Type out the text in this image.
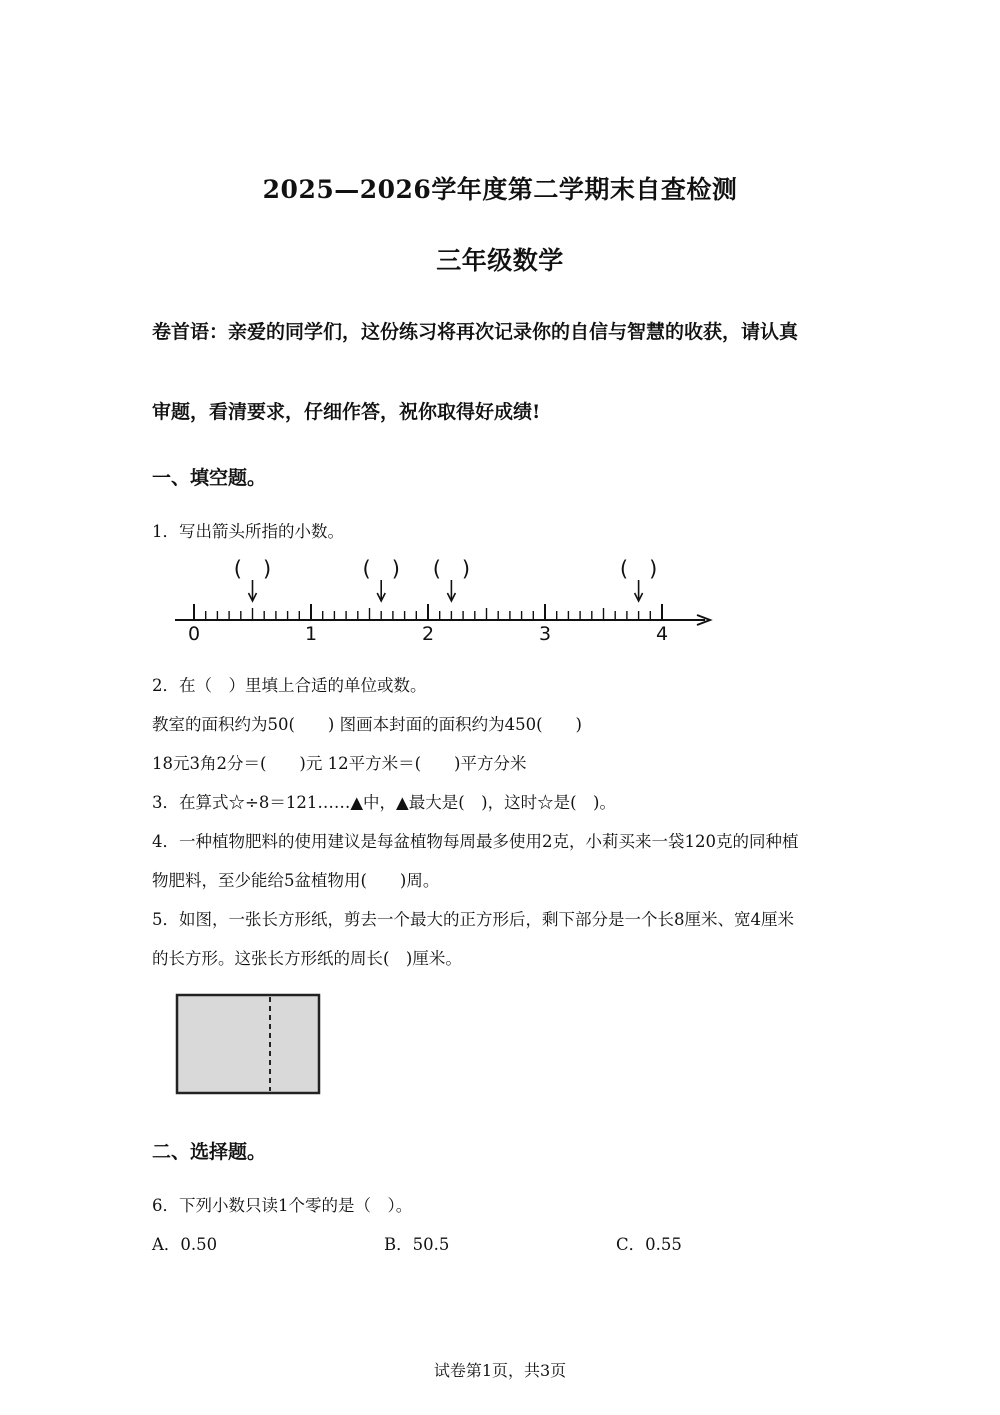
2025—2026学年度第二学期末自查检测
三年级数学
卷首语：亲爱的同学们，这份练习将再次记录你的自信与智慧的收获，请认真
审题，看清要求，仔细作答，祝你取得好成绩!
一、填空题。
1．写出箭头所指的小数。
0	1	2	3	4
(　)	(　) (　)	(　)
2．在（　）里填上合适的单位或数。
教室的面积约为50(　　) 图画本封面的面积约为450(　　)
18元3角2分＝(　　)元 12平方米＝(　　)平方分米
3．在算式☆÷8＝121……▲中，▲最大是(　)，这时☆是(　)。
4．一种植物肥料的使用建议是每盆植物每周最多使用2克，小莉买来一袋120克的同种植
物肥料，至少能给5盆植物用(　　)周。
5．如图，一张长方形纸，剪去一个最大的正方形后，剩下部分是一个长8厘米、宽4厘米
的长方形。这张长方形纸的周长(　)厘米。
二、选择题。
6．下列小数只读1个零的是（　）。
A．0.50	B．50.5	C．0.55
试卷第1页，共3页
